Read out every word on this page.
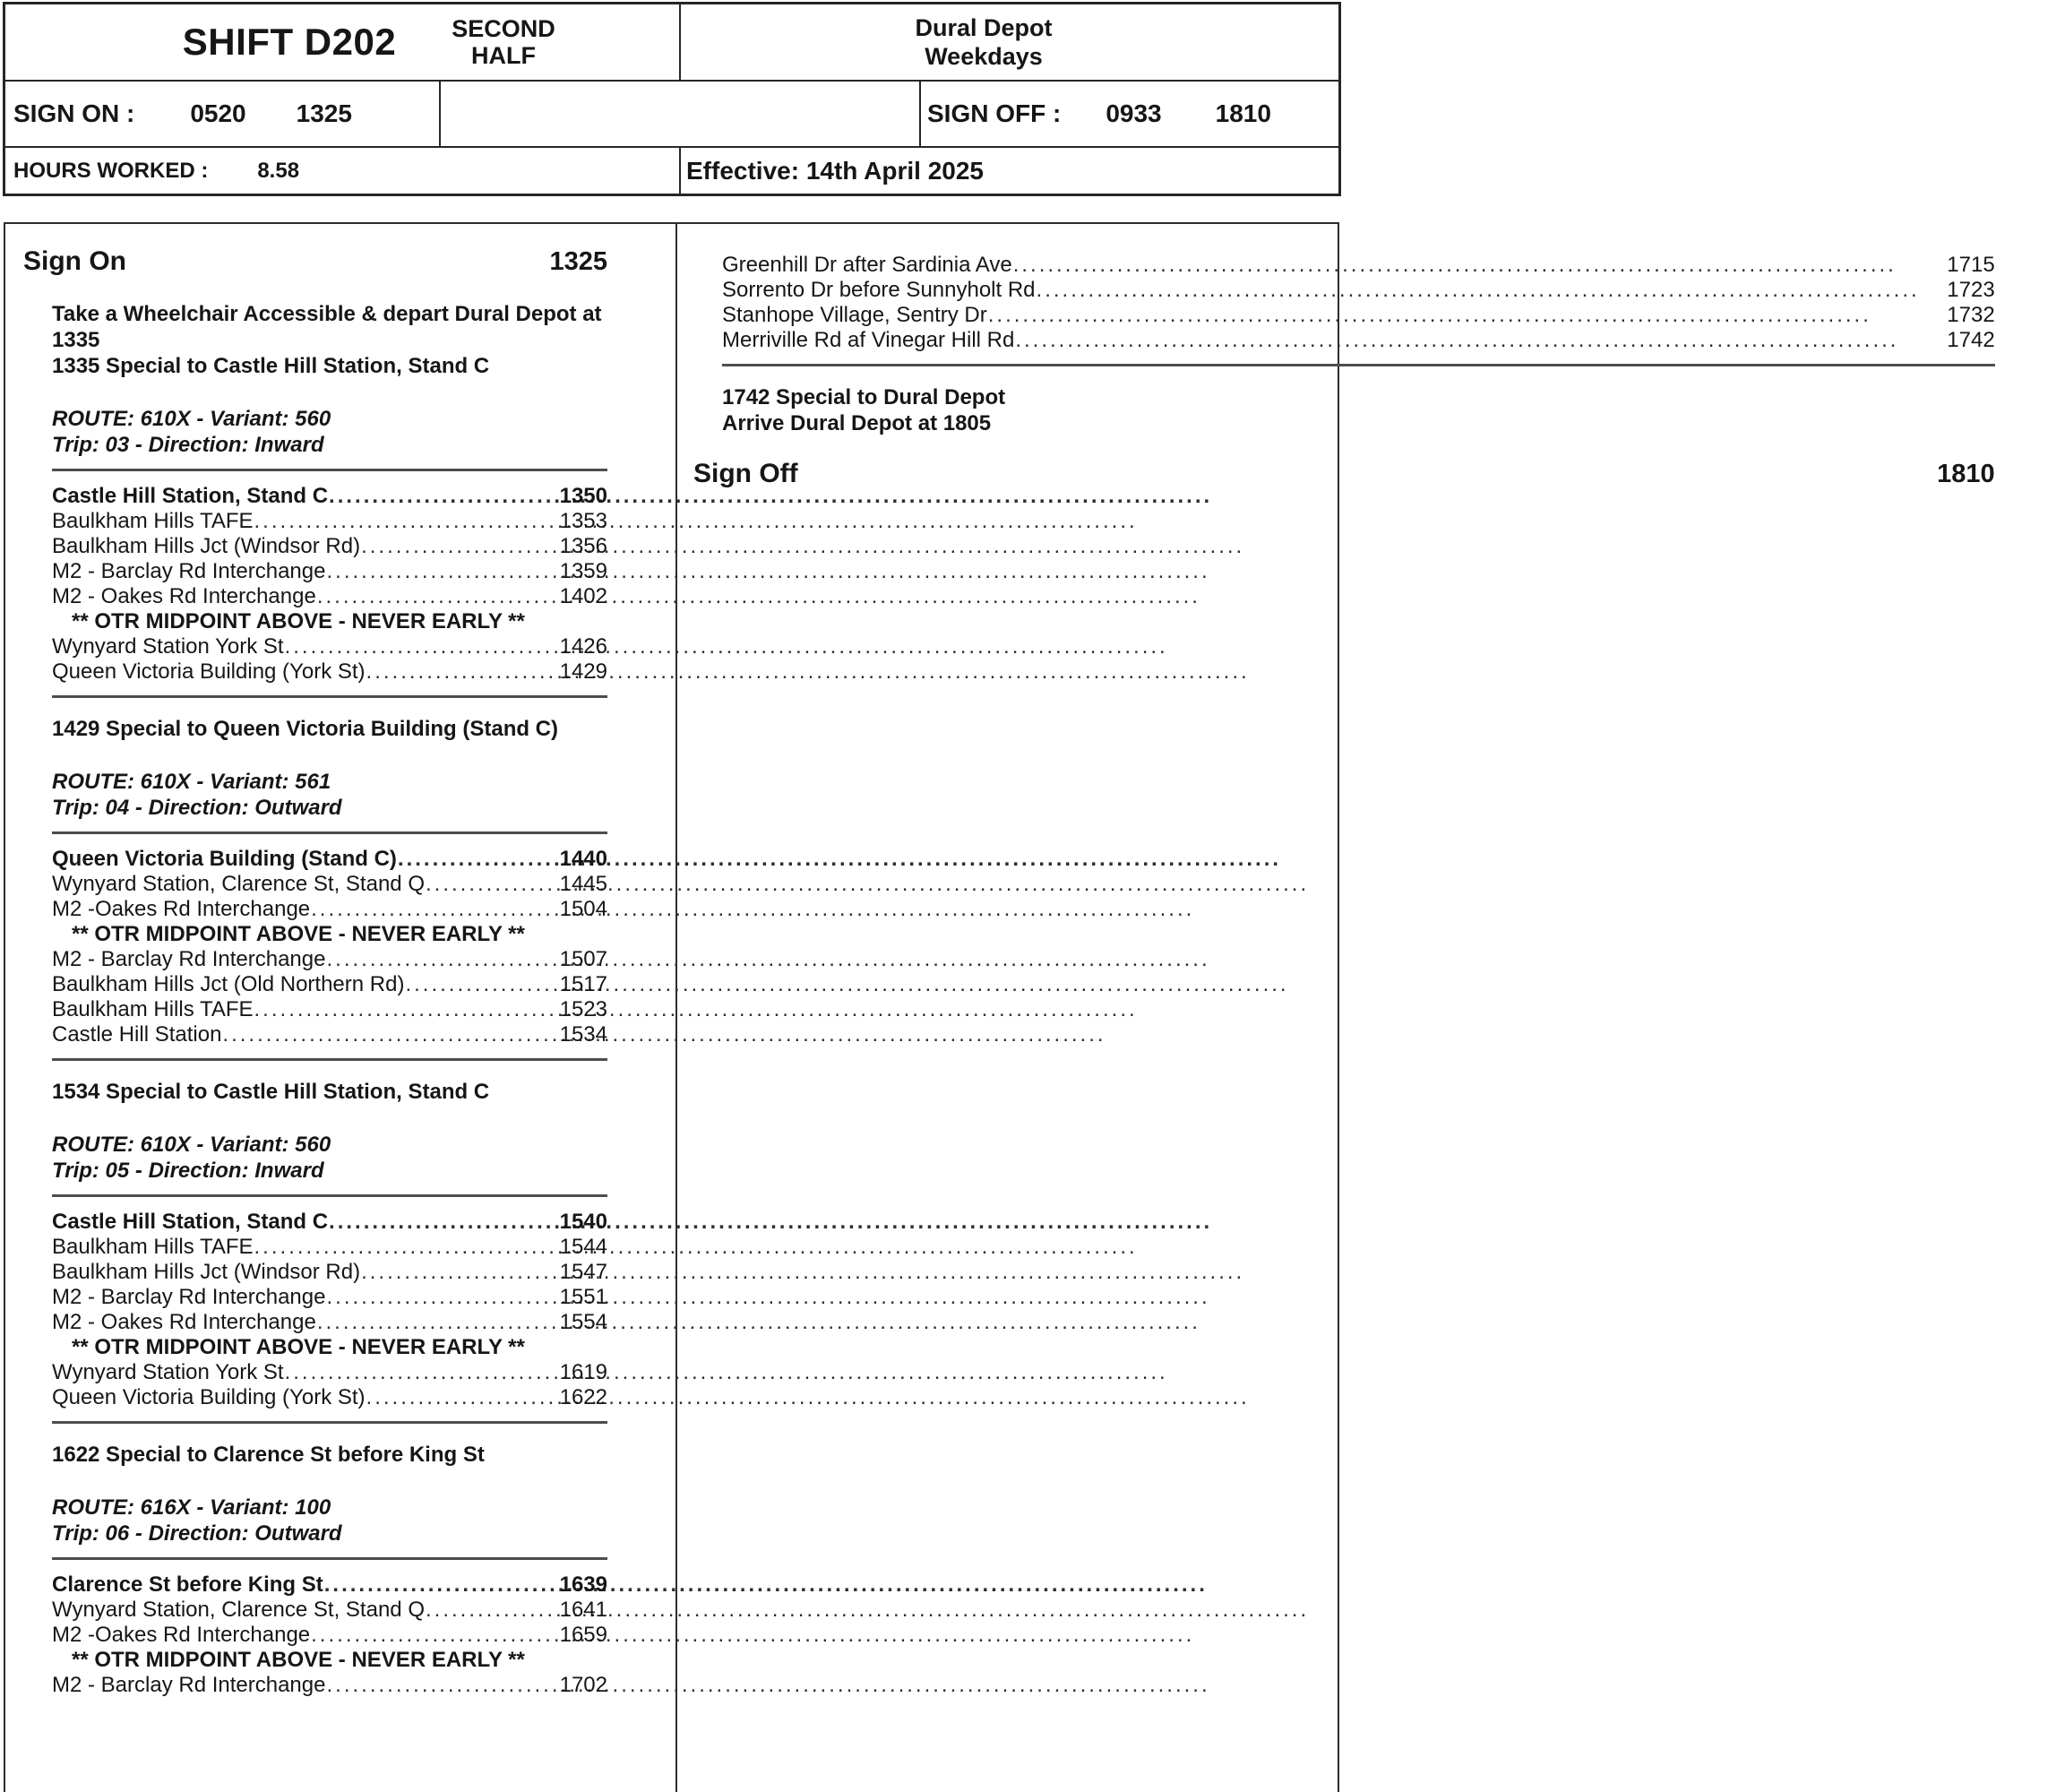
SHIFT D202	SECOND
HALF
Dural Depot
Weekdays
SIGN ON : 0520 1325	SIGN OFF : 0933 1810
HOURS WORKED : 8.58	Effective: 14th April 2025
Sign On	1325
Take a Wheelchair Accessible & depart Dural Depot at
1335
1335 Special to Castle Hill Station, Stand C
ROUTE: 610X - Variant: 560
Trip: 03 - Direction: Inward
Castle Hill Station, Stand C .....	1350
Baulkham Hills TAFE .....	1353
Baulkham Hills Jct (Windsor Rd) .....	1356
M2 - Barclay Rd Interchange .....	1359
M2 - Oakes Rd Interchange .....	1402
** OTR MIDPOINT ABOVE - NEVER EARLY **
Wynyard Station York St .....	1426
Queen Victoria Building (York St) .....	1429
1429 Special to Queen Victoria Building (Stand C)
ROUTE: 610X - Variant: 561
Trip: 04 - Direction: Outward
Queen Victoria Building (Stand C) .....	1440
Wynyard Station, Clarence St, Stand Q .....	1445
M2 -Oakes Rd Interchange .....	1504
** OTR MIDPOINT ABOVE - NEVER EARLY **
M2 - Barclay Rd Interchange .....	1507
Baulkham Hills Jct (Old Northern Rd) .....	1517
Baulkham Hills TAFE .....	1523
Castle Hill Station .....	1534
1534 Special to Castle Hill Station, Stand C
ROUTE: 610X - Variant: 560
Trip: 05 - Direction: Inward
Castle Hill Station, Stand C .....	1540
Baulkham Hills TAFE .....	1544
Baulkham Hills Jct (Windsor Rd) .....	1547
M2 - Barclay Rd Interchange .....	1551
M2 - Oakes Rd Interchange .....	1554
** OTR MIDPOINT ABOVE - NEVER EARLY **
Wynyard Station York St .....	1619
Queen Victoria Building (York St) .....	1622
1622 Special to Clarence St before King St
ROUTE: 616X - Variant: 100
Trip: 06 - Direction: Outward
Clarence St before King St .....	1639
Wynyard Station, Clarence St, Stand Q .....	1641
M2 -Oakes Rd Interchange .....	1659
** OTR MIDPOINT ABOVE - NEVER EARLY **
M2 - Barclay Rd Interchange .....	1702
Greenhill Dr after Sardinia Ave .....	1715
Sorrento Dr before Sunnyholt Rd .....	1723
Stanhope Village, Sentry Dr .....	1732
Merriville Rd af Vinegar Hill Rd .....	1742
1742 Special to Dural Depot
Arrive Dural Depot at 1805
Sign Off	1810
